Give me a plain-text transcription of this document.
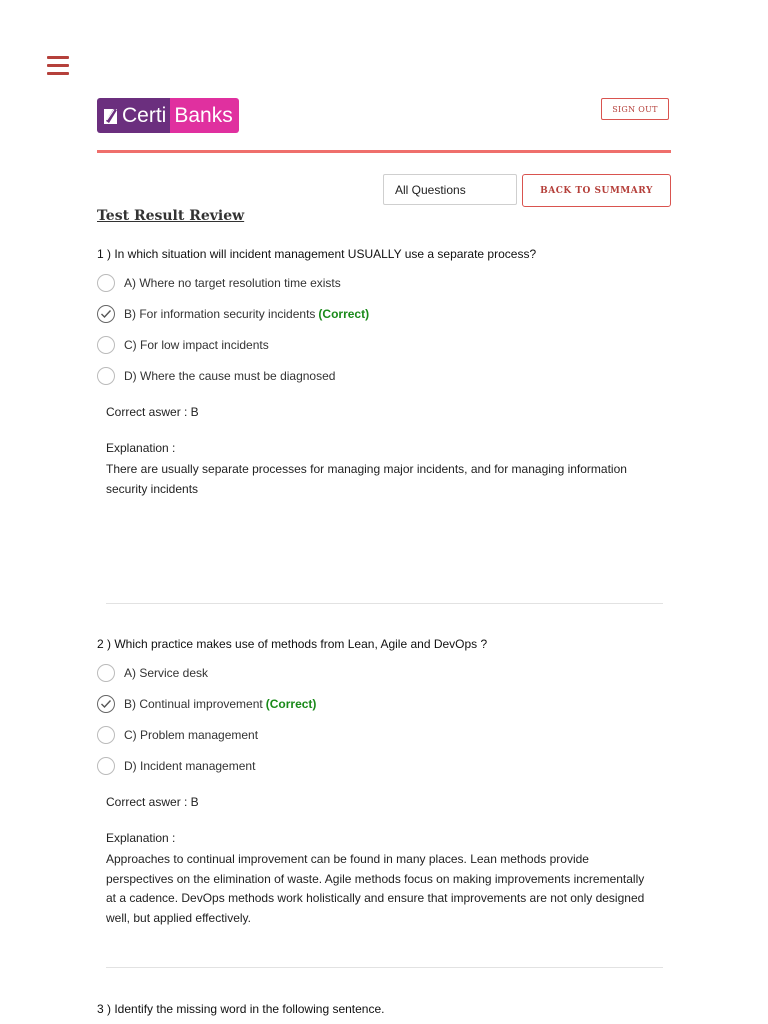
Certi Banks	SIGN OUT
All Questions	BACK TO SUMMARY
Test Result Review

1 ) In which situation will incident management USUALLY use a separate process?

A) Where no target resolution time exists
B) For information security incidents (Correct)
C) For low impact incidents
D) Where the cause must be diagnosed
Correct aswer : B
Explanation :
There are usually separate processes for managing major incidents, and for managing information security incidents

2 ) Which practice makes use of methods from Lean, Agile and DevOps ?

A) Service desk
B) Continual improvement (Correct)
C) Problem management
D) Incident management
Correct aswer : B
Explanation :
Approaches to continual improvement can be found in many places. Lean methods provide perspectives on the elimination of waste. Agile methods focus on making improvements incrementally at a cadence. DevOps methods work holistically and ensure that improvements are not only designed well, but applied effectively.

3 ) Identify the missing word in the following sentence.
